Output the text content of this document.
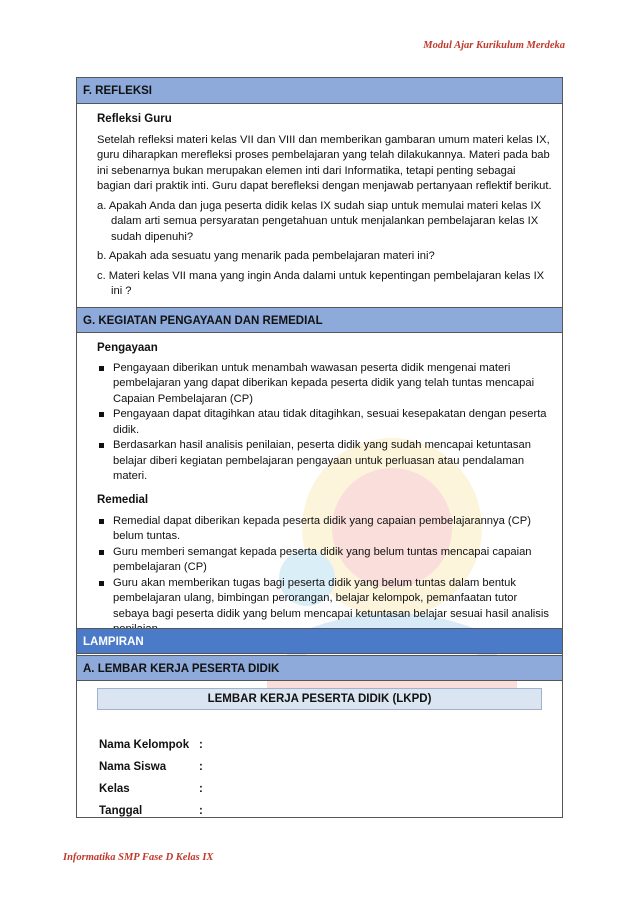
Modul Ajar Kurikulum Merdeka
F. REFLEKSI
Refleksi Guru
Setelah refleksi materi kelas VII dan VIII dan memberikan gambaran umum materi kelas IX, guru diharapkan merefleksi proses pembelajaran yang telah dilakukannya. Materi pada bab ini sebenarnya bukan merupakan elemen inti dari Informatika, tetapi penting sebagai bagian dari praktik inti. Guru dapat berefleksi dengan menjawab pertanyaan reflektif berikut.
a. Apakah Anda dan juga peserta didik kelas IX sudah siap untuk memulai materi kelas IX dalam arti semua persyaratan pengetahuan untuk menjalankan pembelajaran kelas IX sudah dipenuhi?
b. Apakah ada sesuatu yang menarik pada pembelajaran materi ini?
c. Materi kelas VII mana yang ingin Anda dalami untuk kepentingan pembelajaran kelas IX ini ?
G. KEGIATAN PENGAYAAN DAN REMEDIAL
Pengayaan
Pengayaan diberikan untuk menambah wawasan peserta didik mengenai materi pembelajaran yang dapat diberikan kepada peserta didik yang telah tuntas mencapai Capaian Pembelajaran (CP)
Pengayaan dapat ditagihkan atau tidak ditagihkan, sesuai kesepakatan dengan peserta didik.
Berdasarkan hasil analisis penilaian, peserta didik yang sudah mencapai ketuntasan belajar diberi kegiatan pembelajaran pengayaan untuk perluasan atau pendalaman materi.
Remedial
Remedial dapat diberikan kepada peserta didik yang capaian pembelajarannya (CP) belum tuntas.
Guru memberi semangat kepada peserta didik yang belum tuntas mencapai capaian pembelajaran (CP)
Guru akan memberikan tugas bagi peserta didik yang belum tuntas dalam bentuk pembelajaran ulang, bimbingan perorangan, belajar kelompok, pemanfaatan tutor sebaya bagi peserta didik yang belum mencapai ketuntasan belajar sesuai hasil analisis
LAMPIRAN
A. LEMBAR KERJA PESERTA DIDIK
LEMBAR KERJA PESERTA DIDIK (LKPD)
Nama Kelompok :
Nama Siswa	:
Kelas	:
Tanggal	:
Informatika SMP Fase D Kelas IX
